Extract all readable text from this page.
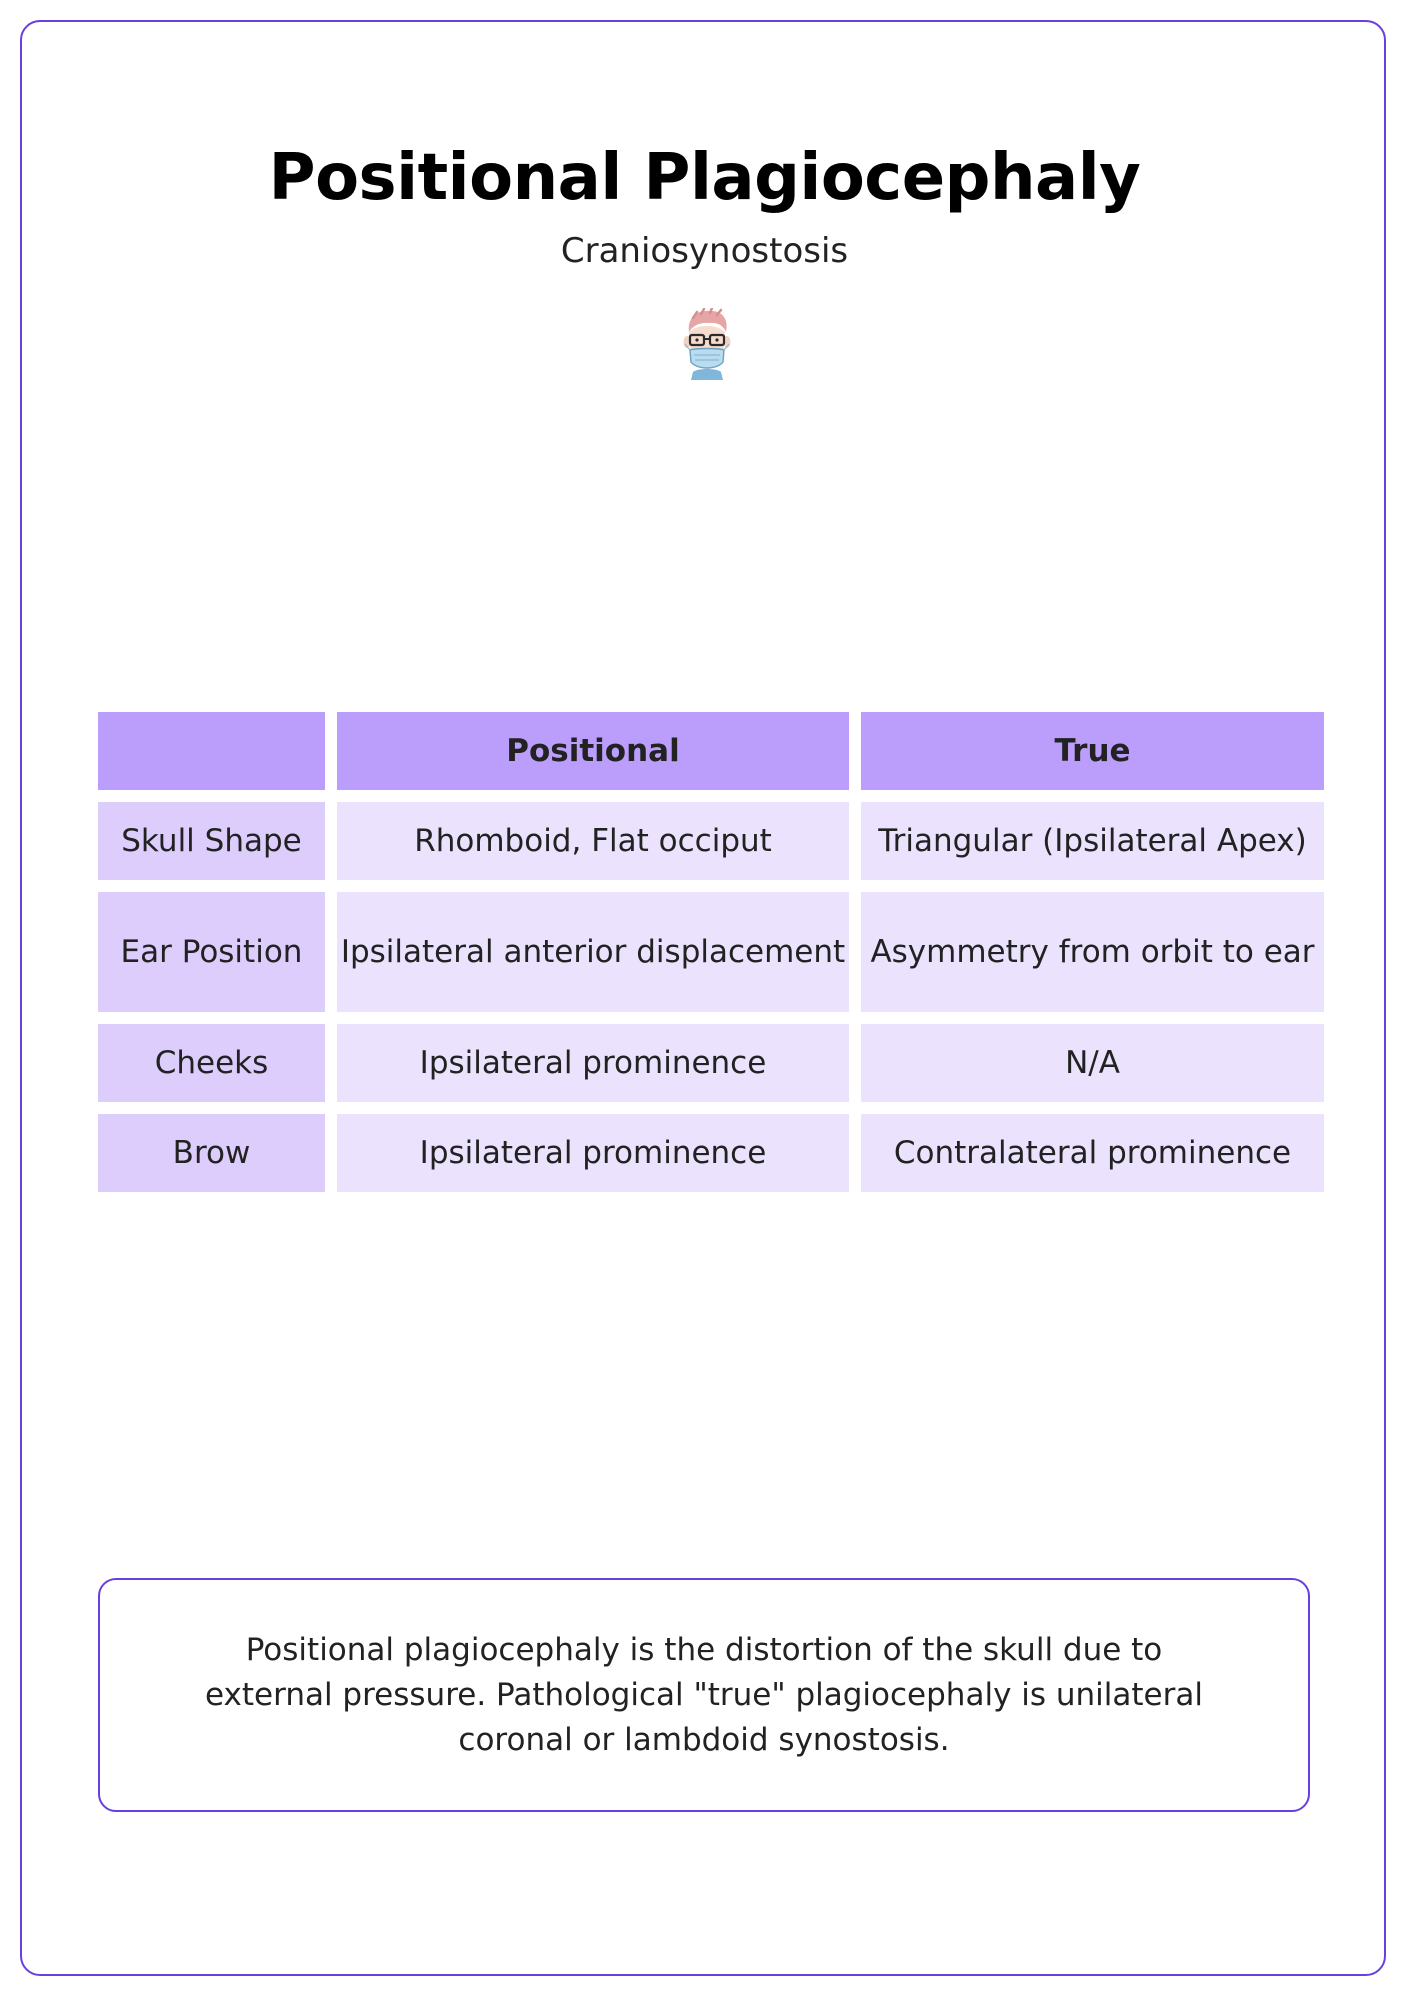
Positional Plagiocephaly
Craniosynostosis
	Positional	True
Skull Shape	Rhomboid, Flat occiput	Triangular (Ipsilateral Apex)
Ear Position	Ipsilateral anterior displacement	Asymmetry from orbit to ear
Cheeks	Ipsilateral prominence	N/A
Brow	Ipsilateral prominence	Contralateral prominence
Positional plagiocephaly is the distortion of the skull due to external pressure. Pathological "true" plagiocephaly is unilateral coronal or lambdoid synostosis.
